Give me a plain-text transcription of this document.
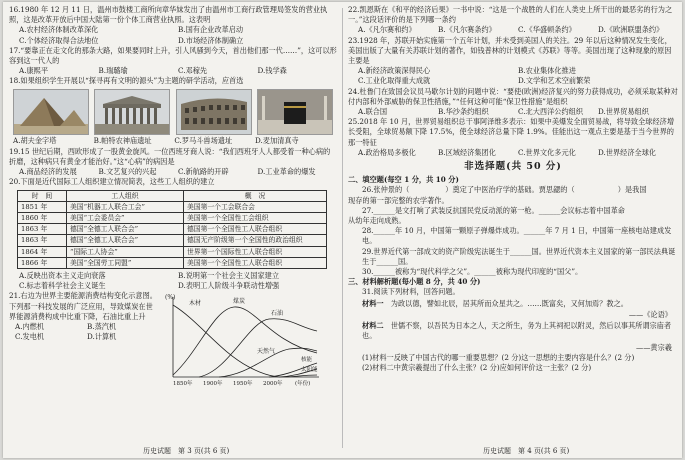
16.1980 年 12 月 11 日，温州市鼓楼工商所向章华妹发出了由温州市工商行政管理局签发的营业执照，这是改革开放后中国大陆第一份个体工商营业执照。这表明

A.农村经济体制改革深化	B.国有企业改革启动
C.个体经济取得合法地位	D.市场经济体制确立

17.“要靠正在走文化的那条大路，如果要同时上升，引人风骚到今天，首出他们那一代……”，这可以形容到这一代人的

A.康熙平	B.瑞璐瑜	C.邓稼先	D.钱学森

18.如果组织学生开展以“探寻再有文明的源头”为主题的研学活动，应首选

A.胡夫金字塔	B.帕特农神庙遗址	C.罗马斗兽场遗址	D.麦加清真寺

19.15 世纪后期，西欧形成了一股黄金旋风。一位西班牙商人说：“我们西班牙人人都受着一种心病的折磨，这种病只有黄金才能治好。”这“心病”的病因是

A.商品经济的发展	B.文艺复兴的兴起	C.新航路的开辟	D.工业革命的爆发

20.下面是近代国际工人组织建立情况简表，这些工人组织的建立

时　间	工人组织	概　况
1851 年	美国“机器工人联合工会”	美国第一个工会联合会
1860 年	美国“工会委员会”	美国第一个全国性工会组织
1863 年	德国“全德工人联合会”	德国第一个全国性工人联合组织
1863 年	德国“全德工人联合会”	德国无产阶级第一个全国性的政治组织
1864 年	“国际工人协会”	世界第一个国际性工人联合组织
1866 年	美国“全国劳工同盟”	美国第一个全国性工人联合组织
A.反映出资本主义走向衰落	B.说明第一个社会主义国家建立
C.标志着科学社会主义诞生	D.表明工人阶级斗争联动性增强

21.右边为世界主要能源消费结构变化示意图。下列那一科技发展的广泛应用，导致煤炭在世界能源消费构成中比重下降，石油比重上升

A.内燃机	B.蒸汽机
C.发电机	D.计算机
(%)
木材	煤炭
石油
天然气
核能
太阳能
1850年 1900年 1950年 2000年 (年份)
历史试题　第 3 页(共 6 页)

22.凯恩斯在《和平的经济后果》一书中说：“这是一个战胜的人们在人类史上所干出的最恶劣的行为之一。”这段话评价的是下列哪一条约

A.《凡尔赛和约》	B.《凡尔赛条约》	C.《华盛顿条约》	D.《欧洲联盟条约》

23.1928 年，苏联开始实施第一个五年计划，并未受到美国人的关注。29 年以后这种情况发生变化，美国出版了大量有关苏联计划的著作，如钱普林的计划模式《苏联》等等。美国出现了这种现象的原因主要是

A.新经济政策深得民心	B.农业集体化推进
C.工业化取得重大成就	D.文学和艺术空前繁荣

24.杜鲁门在致国会议员马歇尔计划的问题中说：“要使(欧洲)经济复兴的努力获得成功，必须采取某种对付内部和外部威胁的保卫性措施，”“任何这种可能“保卫性措施”是组织

A.联合国	B.华沙条约组织	C.北大西洋公约组织	D.世界贸易组织

25.2018 年 10 月，世界贸易组织总干事阿泽维多表示：如果中美爆发全面贸易战，将导致全球经济增长受阻，全球贸易额下降 17.5%，使全球经济总量下降 1.9%。佳能出这一观点主要是基于当今世界的那一特征

A.政治格局多极化	B.区域经济集团化	C.世界文化多元化	D.世界经济全球化
非选择题(共 50 分)

二、填空题(每空 1 分，共 10 分)

26.张仲景的（　　　　　）奠定了中医治疗学的基础。贾思勰的（　　　　　　）是我国

现存的第一部完整的农学著作。

27.______是文打响了武装反抗国民党反动派的第一枪。______会议标志着中国革命

从幼年走向成熟。

28.______年 10 月，中国第一颗原子弹爆炸成功。______年 7 月 1 日，中国第一座核电站建成发电。

29.世界近代第一部成文的资产阶级宪法诞生于______国。世界近代资本主义国家的第一部民法典诞生于______国。

30.______被称为“现代科学之父”。______被称为现代印度的“国父”。

三、材料解析题(每小题 8 分，共 40 分)

31.阅读下列材料，回答问题。

材料一　 为政以德，譬如北辰，居其所而众星共之。……既富矣，又何加焉？教之。

——《论语》

材料二　 世儒不察，以吾民为日本之人，天之所生，务为上其祠祀以附灵，然后以事其所谓宗庙者也。

——黄宗羲

(1)材料一反映了中国古代的哪一重要思想？(2 分)这一思想的主要内容是什么？(2 分)

(2)材料二中黄宗羲提出了什么主张？(2 分)应如何评价这一主张？(2 分)

历史试题　第 4 页(共 6 页)
